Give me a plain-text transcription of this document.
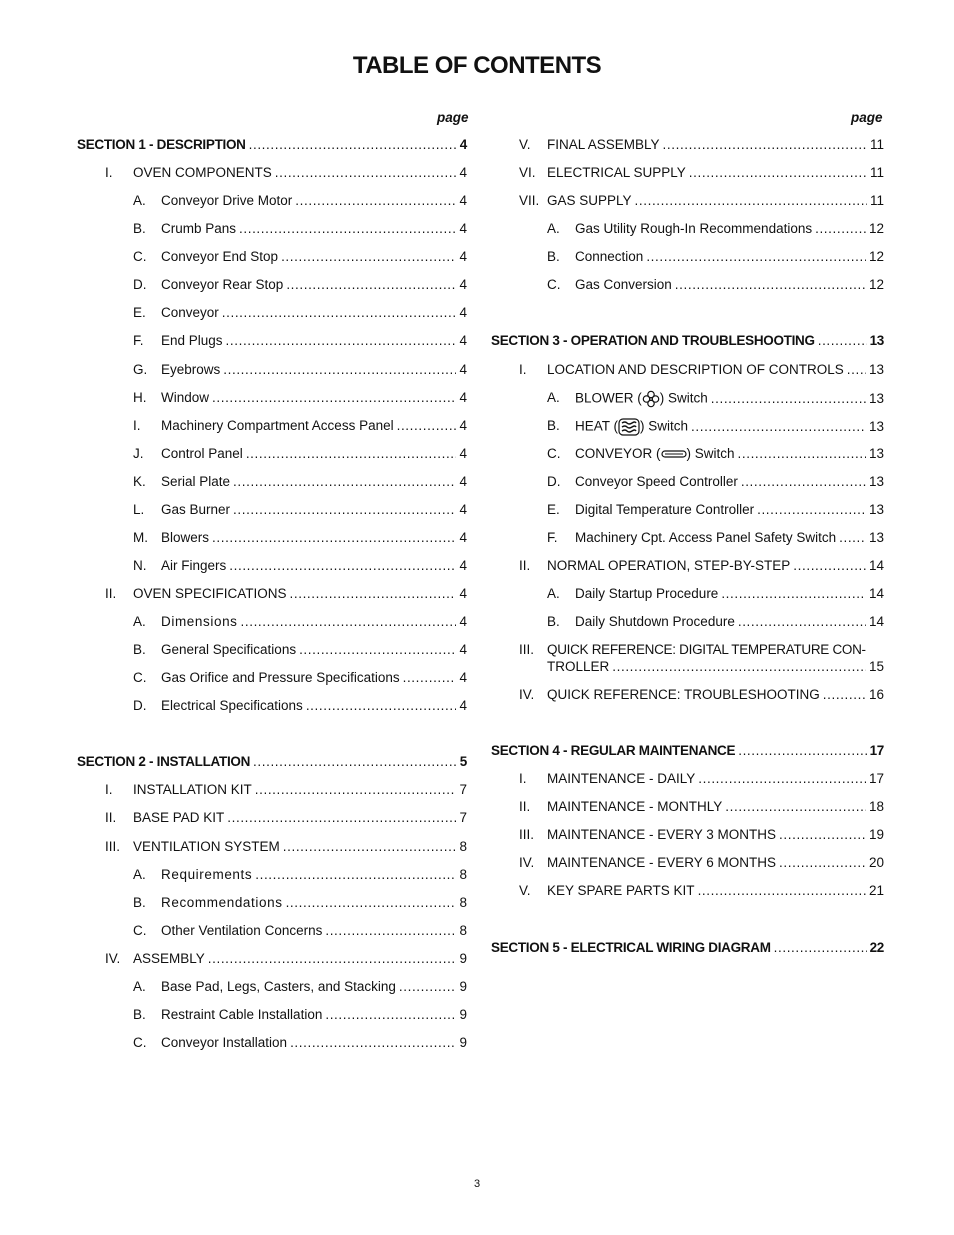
TABLE OF CONTENTS
page	page
SECTION 1 - DESCRIPTION .....	4
I. OVEN COMPONENTS .....	4
A. Conveyor Drive Motor .....	4
B. Crumb Pans .....	4
C. Conveyor End Stop .....	4
D. Conveyor Rear Stop .....	4
E. Conveyor .....	4
F. End Plugs .....	4
G. Eyebrows .....	4
H. Window .....	4
I. Machinery Compartment Access Panel .....	4
J. Control Panel .....	4
K. Serial Plate .....	4
L. Gas Burner .....	4
M. Blowers .....	4
N. Air Fingers .....	4
II. OVEN SPECIFICATIONS .....	4
A. Dimensions .....	4
B. General Specifications .....	4
C. Gas Orifice and Pressure Specifications .....	4
D. Electrical Specifications .....	4
SECTION 2 - INSTALLATION .....	5
I. INSTALLATION KIT .....	7
II. BASE PAD KIT .....	7
III. VENTILATION SYSTEM .....	8
A. Requirements .....	8
B. Recommendations .....	8
C. Other Ventilation Concerns .....	8
IV. ASSEMBLY .....	9
A. Base Pad, Legs, Casters, and Stacking .....	9
B. Restraint Cable Installation .....	9
C. Conveyor Installation .....	9
V. FINAL ASSEMBLY .....	11
VI. ELECTRICAL SUPPLY .....	11
VII. GAS SUPPLY .....	11
A. Gas Utility Rough-In Recommendations .....	12
B. Connection .....	12
C. Gas Conversion .....	12
SECTION 3 - OPERATION AND TROUBLESHOOTING .....	13
I. LOCATION AND DESCRIPTION OF CONTROLS ..... 13
A. BLOWER ( ) Switch .....	13
B. HEAT ( ) Switch .....	13
C. CONVEYOR ( ) Switch .....	13
D. Conveyor Speed Controller .....	13
E. Digital Temperature Controller .....	13
F. Machinery Cpt. Access Panel Safety Switch ..... 13
II. NORMAL OPERATION, STEP-BY-STEP .....	14
A. Daily Startup Procedure .....	14
B. Daily Shutdown Procedure .....	14
III. QUICK REFERENCE: DIGITAL TEMPERATURE CON-
TROLLER .....	15
IV. QUICK REFERENCE: TROUBLESHOOTING .....	16
SECTION 4 - REGULAR MAINTENANCE .....	17
I. MAINTENANCE - DAILY .....	17
II. MAINTENANCE - MONTHLY .....	18
III. MAINTENANCE - EVERY 3 MONTHS .....	19
IV. MAINTENANCE - EVERY 6 MONTHS .....	20
V. KEY SPARE PARTS KIT .....	21
SECTION 5 - ELECTRICAL WIRING DIAGRAM .....	22
3
